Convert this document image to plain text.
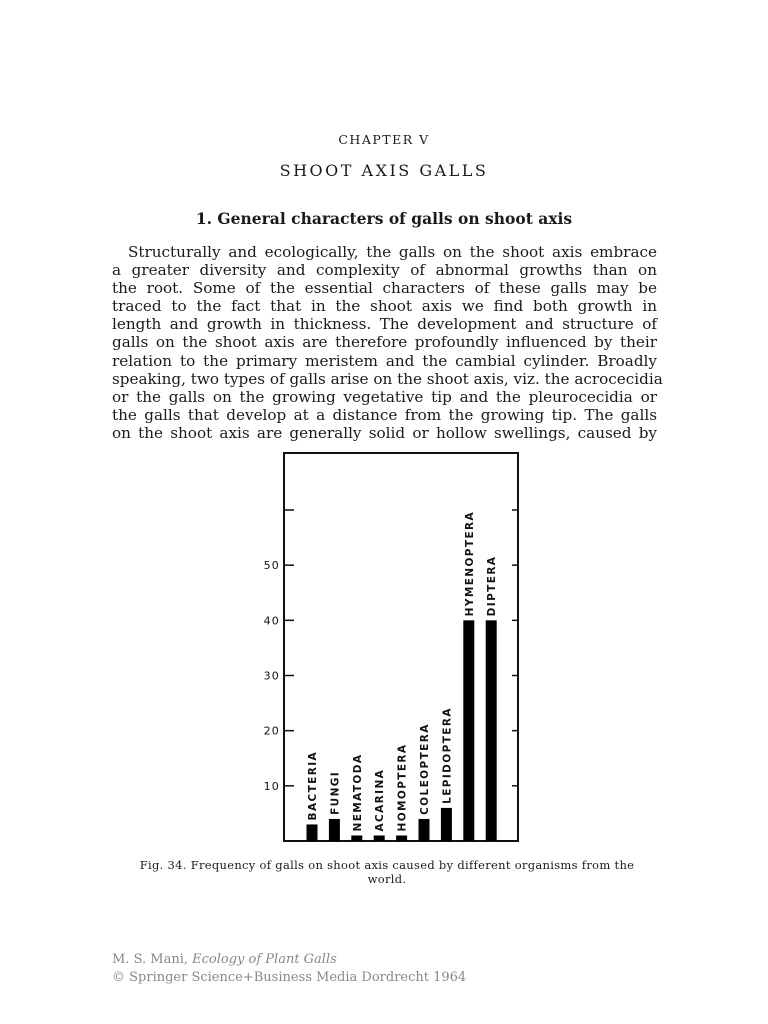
CHAPTER V
SHOOT AXIS GALLS
1. General characters of galls on shoot axis
Structurally and ecologically, the galls on the shoot axis embrace
a greater diversity and complexity of abnormal growths than on
the root. Some of the essential characters of these galls may be
traced to the fact that in the shoot axis we find both growth in
length and growth in thickness. The development and structure of
galls on the shoot axis are therefore profoundly influenced by their
relation to the primary meristem and the cambial cylinder. Broadly
speaking, two types of galls arise on the shoot axis, viz. the acrocecidia
or the galls on the growing vegetative tip and the pleurocecidia or
the galls that develop at a distance from the growing tip. The galls
on the shoot axis are generally solid or hollow swellings, caused by
10
20
30
40
50
BACTERIA FUNGI NEMATODA ACARINA HOMOPTERA COLEOPTERA LEPIDOPTERA
HYMENOPTERA DIPTERA
Fig. 34. Frequency of galls on shoot axis caused by different organisms from the
world.
M. S. Mani, Ecology of Plant Galls
© Springer Science+Business Media Dordrecht 1964
